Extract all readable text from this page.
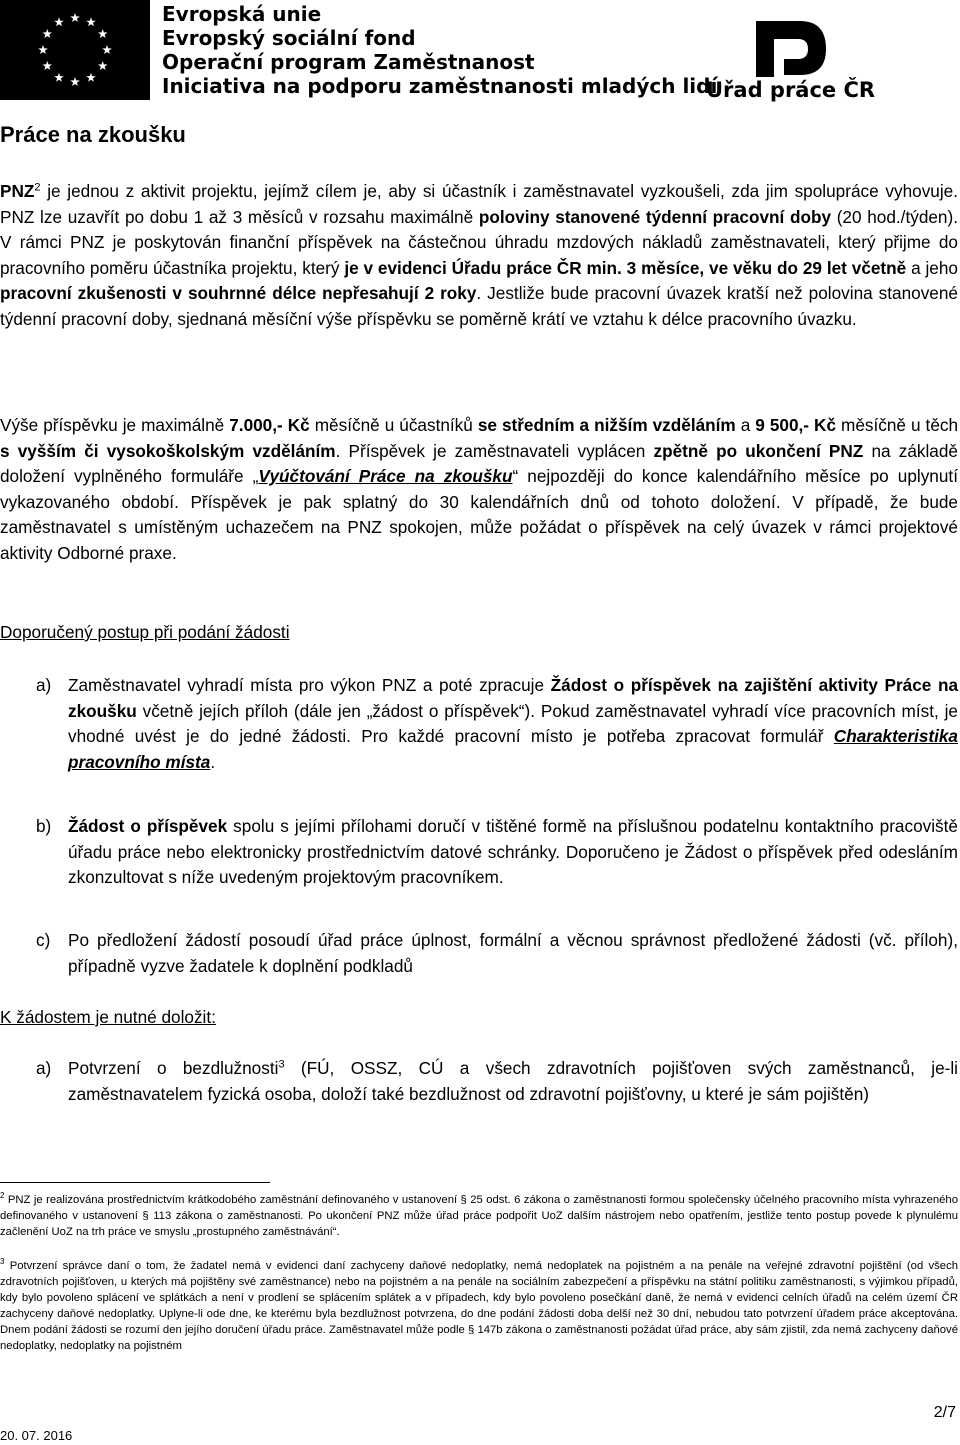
Evropská unie
Evropský sociální fond
Operační program Zaměstnanost
Iniciativa na podporu zaměstnanosti mladých lidí
Úřad práce ČR
Práce na zkoušku
PNZ$^2$ je jednou z aktivit projektu, jejímž cílem je, aby si účastník i zaměstnavatel vyzkoušeli, zda jim spolupráce vyhovuje. PNZ lze uzavřít po dobu 1 až 3 měsíců v rozsahu maximálně poloviny stanovené týdenní pracovní doby (20 hod./týden). V rámci PNZ je poskytován finanční příspěvek na částečnou úhradu mzdových nákladů zaměstnavateli, který přijme do pracovního poměru účastníka projektu, který je v evidenci Úřadu práce ČR min. 3 měsíce, ve věku do 29 let včetně a jeho pracovní zkušenosti v souhrnné délce nepřesahují 2 roky. Jestliže bude pracovní úvazek kratší než polovina stanovené týdenní pracovní doby, sjednaná měsíční výše příspěvku se poměrně krátí ve vztahu k délce pracovního úvazku.
Výše příspěvku je maximálně 7.000,- Kč měsíčně u účastníků se středním a nižším vzděláním a 9 500,- Kč měsíčně u těch s vyšším či vysokoškolským vzděláním. Příspěvek je zaměstnavateli vyplácen zpětně po ukončení PNZ na základě doložení vyplněného formuláře „Vyúčtování Práce na zkoušku“ nejpozději do konce kalendářního měsíce po uplynutí vykazovaného období. Příspěvek je pak splatný do 30 kalendářních dnů od tohoto doložení. V případě, že bude zaměstnavatel s umístěným uchazečem na PNZ spokojen, může požádat o příspěvek na celý úvazek v rámci projektové aktivity Odborné praxe.
Doporučený postup při podání žádosti
a) Zaměstnavatel vyhradí místa pro výkon PNZ a poté zpracuje Žádost o příspěvek na zajištění aktivity Práce na zkoušku včetně jejích příloh (dále jen „žádost o příspěvek“). Pokud zaměstnavatel vyhradí více pracovních míst, je vhodné uvést je do jedné žádosti. Pro každé pracovní místo je potřeba zpracovat formulář Charakteristika pracovního místa.
b) Žádost o příspěvek spolu s jejími přílohami doručí v tištěné formě na příslušnou podatelnu kontaktního pracoviště úřadu práce nebo elektronicky prostřednictvím datové schránky. Doporučeno je Žádost o příspěvek před odesláním zkonzultovat s níže uvedeným projektovým pracovníkem.
c) Po předložení žádostí posoudí úřad práce úplnost, formální a věcnou správnost předložené žádosti (vč. příloh), případně vyzve žadatele k doplnění podkladů
K žádostem je nutné doložit:
a) Potvrzení o bezdlužnosti$^3$ (FÚ, OSSZ, CÚ a všech zdravotních pojišťoven svých zaměstnanců, je-li zaměstnavatelem fyzická osoba, doloží také bezdlužnost od zdravotní pojišťovny, u které je sám pojištěn)
$^2$ PNZ je realizována prostřednictvím krátkodobého zaměstnání definovaného v ustanovení § 25 odst. 6 zákona o zaměstnanosti formou společensky účelného pracovního místa vyhrazeného definovaného v ustanovení § 113 zákona o zaměstnanosti. Po ukončení PNZ může úřad práce podpořit UoZ dalším nástrojem nebo opatřením, jestliže tento postup povede k plynulému začlenění UoZ na trh práce ve smyslu „prostupného zaměstnávání“.
$^3$ Potvrzení správce daní o tom, že žadatel nemá v evidenci daní zachyceny daňové nedoplatky, nemá nedoplatek na pojistném a na penále na veřejné zdravotní pojištění (od všech zdravotních pojišťoven, u kterých má pojištěny své zaměstnance) nebo na pojistném a na penále na sociálním zabezpečení a příspěvku na státní politiku zaměstnanosti, s výjimkou případů, kdy bylo povoleno splácení ve splátkách a není v prodlení se splácením splátek a v případech, kdy bylo povoleno posečkání daně, že nemá v evidenci celních úřadů na celém území ČR zachyceny daňové nedoplatky. Uplyne-li ode dne, ke kterému byla bezdlužnost potvrzena, do dne podání žádosti doba delší než 30 dní, nebudou tato potvrzení úřadem práce akceptována. Dnem podání žádosti se rozumí den jejího doručení úřadu práce. Zaměstnavatel může podle § 147b zákona o zaměstnanosti požádat úřad práce, aby sám zjistil, zda nemá zachyceny daňové nedoplatky, nedoplatky na pojistném
20. 07. 2016
2/7
